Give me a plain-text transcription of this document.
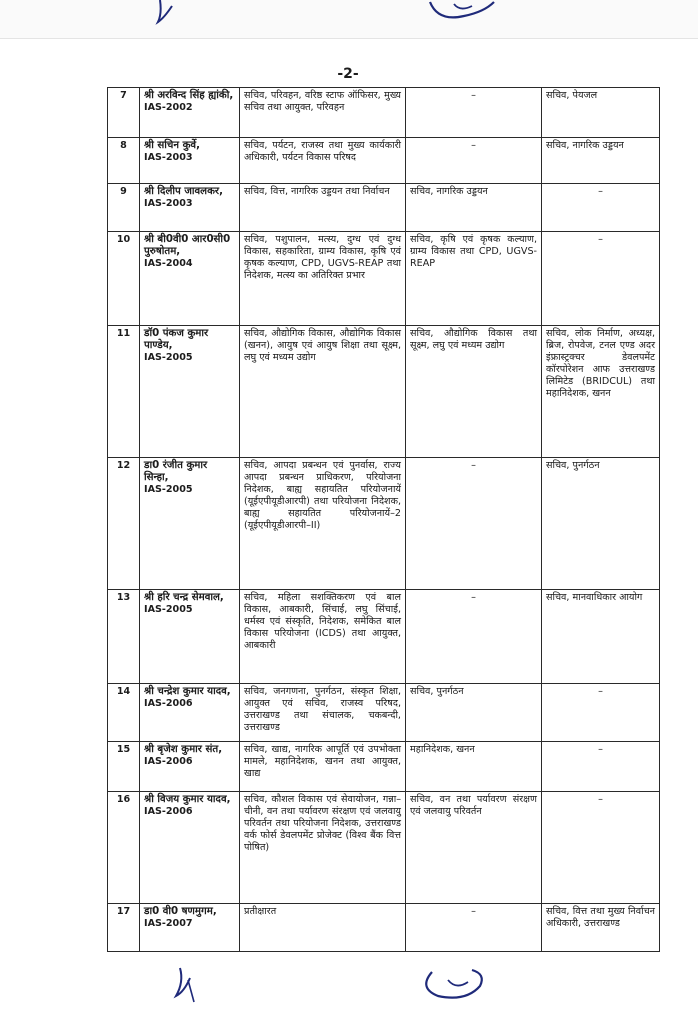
-2-
7	श्री अरविन्द सिंह ह्यांकी,
IAS-2002	सचिव, परिवहन, वरिष्ठ स्टाफ ऑफिसर, मुख्य सचिव तथा आयुक्त, परिवहन	–	सचिव, पेयजल
8	श्री सचिन कुर्वे,
IAS-2003	सचिव, पर्यटन, राजस्व तथा मुख्य कार्यकारी अधिकारी, पर्यटन विकास परिषद	–	सचिव, नागरिक उड्डयन
9	श्री दिलीप जावलकर,
IAS-2003	सचिव, वित्त, नागरिक उड्डयन तथा निर्वाचन	सचिव, नागरिक उड्डयन	–
10	श्री बी0वी0 आर0सी0 पुरुषोतम,
IAS-2004	सचिव, पशुपालन, मत्स्य, दुग्ध एवं दुग्ध विकास, सहकारिता, ग्राम्य विकास, कृषि एवं कृषक कल्याण, CPD, UGVS-REAP तथा निदेशक, मत्स्य का अतिरिक्त प्रभार	सचिव, कृषि एवं कृषक कल्याण, ग्राम्य विकास तथा CPD, UGVS-REAP	–
11	डॉ0 पंकज कुमार पाण्डेय,
IAS-2005	सचिव, औद्योगिक विकास, औद्योगिक विकास (खनन), आयुष एवं आयुष शिक्षा तथा सूक्ष्म, लघु एवं मध्यम उद्योग	सचिव, औद्योगिक विकास तथा सूक्ष्म, लघु एवं मध्यम उद्योग	सचिव, लोक निर्माण, अध्यक्ष, ब्रिज, रोपवेज, टनल एण्ड अदर इंफ्रास्ट्रक्चर डेवलपमेंट कॉरपोरेशन आफ उत्तराखण्ड लिमिटेड (BRIDCUL) तथा महानिदेशक, खनन
12	डा0 रंजीत कुमार सिन्हा,
IAS-2005	सचिव, आपदा प्रबन्धन एवं पुनर्वास, राज्य आपदा प्रबन्धन प्राधिकरण, परियोजना निदेशक, बाह्य सहायतित परियोजनायें (यूईएपीयूडीआरपी) तथा परियोजना निदेशक, बाह्य सहायतित परियोजनायें–2 (यूईएपीयूडीआरपी–II)	–	सचिव, पुनर्गठन
13	श्री हरि चन्द्र सेमवाल,
IAS-2005	सचिव, महिला सशक्तिकरण एवं बाल विकास, आबकारी, सिंचाई, लघु सिंचाई, धर्मस्व एवं संस्कृति, निदेशक, समेकित बाल विकास परियोजना (ICDS) तथा आयुक्त, आबकारी	–	सचिव, मानवाधिकार आयोग
14	श्री चन्द्रेश कुमार यादव,
IAS-2006	सचिव, जनगणना, पुनर्गठन, संस्कृत शिक्षा, आयुक्त एवं सचिव, राजस्व परिषद, उत्तराखण्ड तथा संचालक, चकबन्दी, उत्तराखण्ड	सचिव, पुनर्गठन	–
15	श्री बृजेश कुमार संत,
IAS-2006	सचिव, खाद्य, नागरिक आपूर्ति एवं उपभोक्ता मामले, महानिदेशक, खनन तथा आयुक्त, खाद्य	महानिदेशक, खनन	–
16	श्री विजय कुमार यादव,
IAS-2006	सचिव, कौशल विकास एवं सेवायोजन, गन्ना–चीनी, वन तथा पर्यावरण संरक्षण एवं जलवायु परिवर्तन तथा परियोजना निदेशक, उत्तराखण्ड वर्क फोर्स डेवलपमेंट प्रोजेक्ट (विश्व बैंक वित्त पोषित)	सचिव, वन तथा पर्यावरण संरक्षण एवं जलवायु परिवर्तन	–
17	डा0 वी0 षणमुगम,
IAS-2007	प्रतीक्षारत	–	सचिव, वित्त तथा मुख्य निर्वाचन अधिकारी, उत्तराखण्ड
